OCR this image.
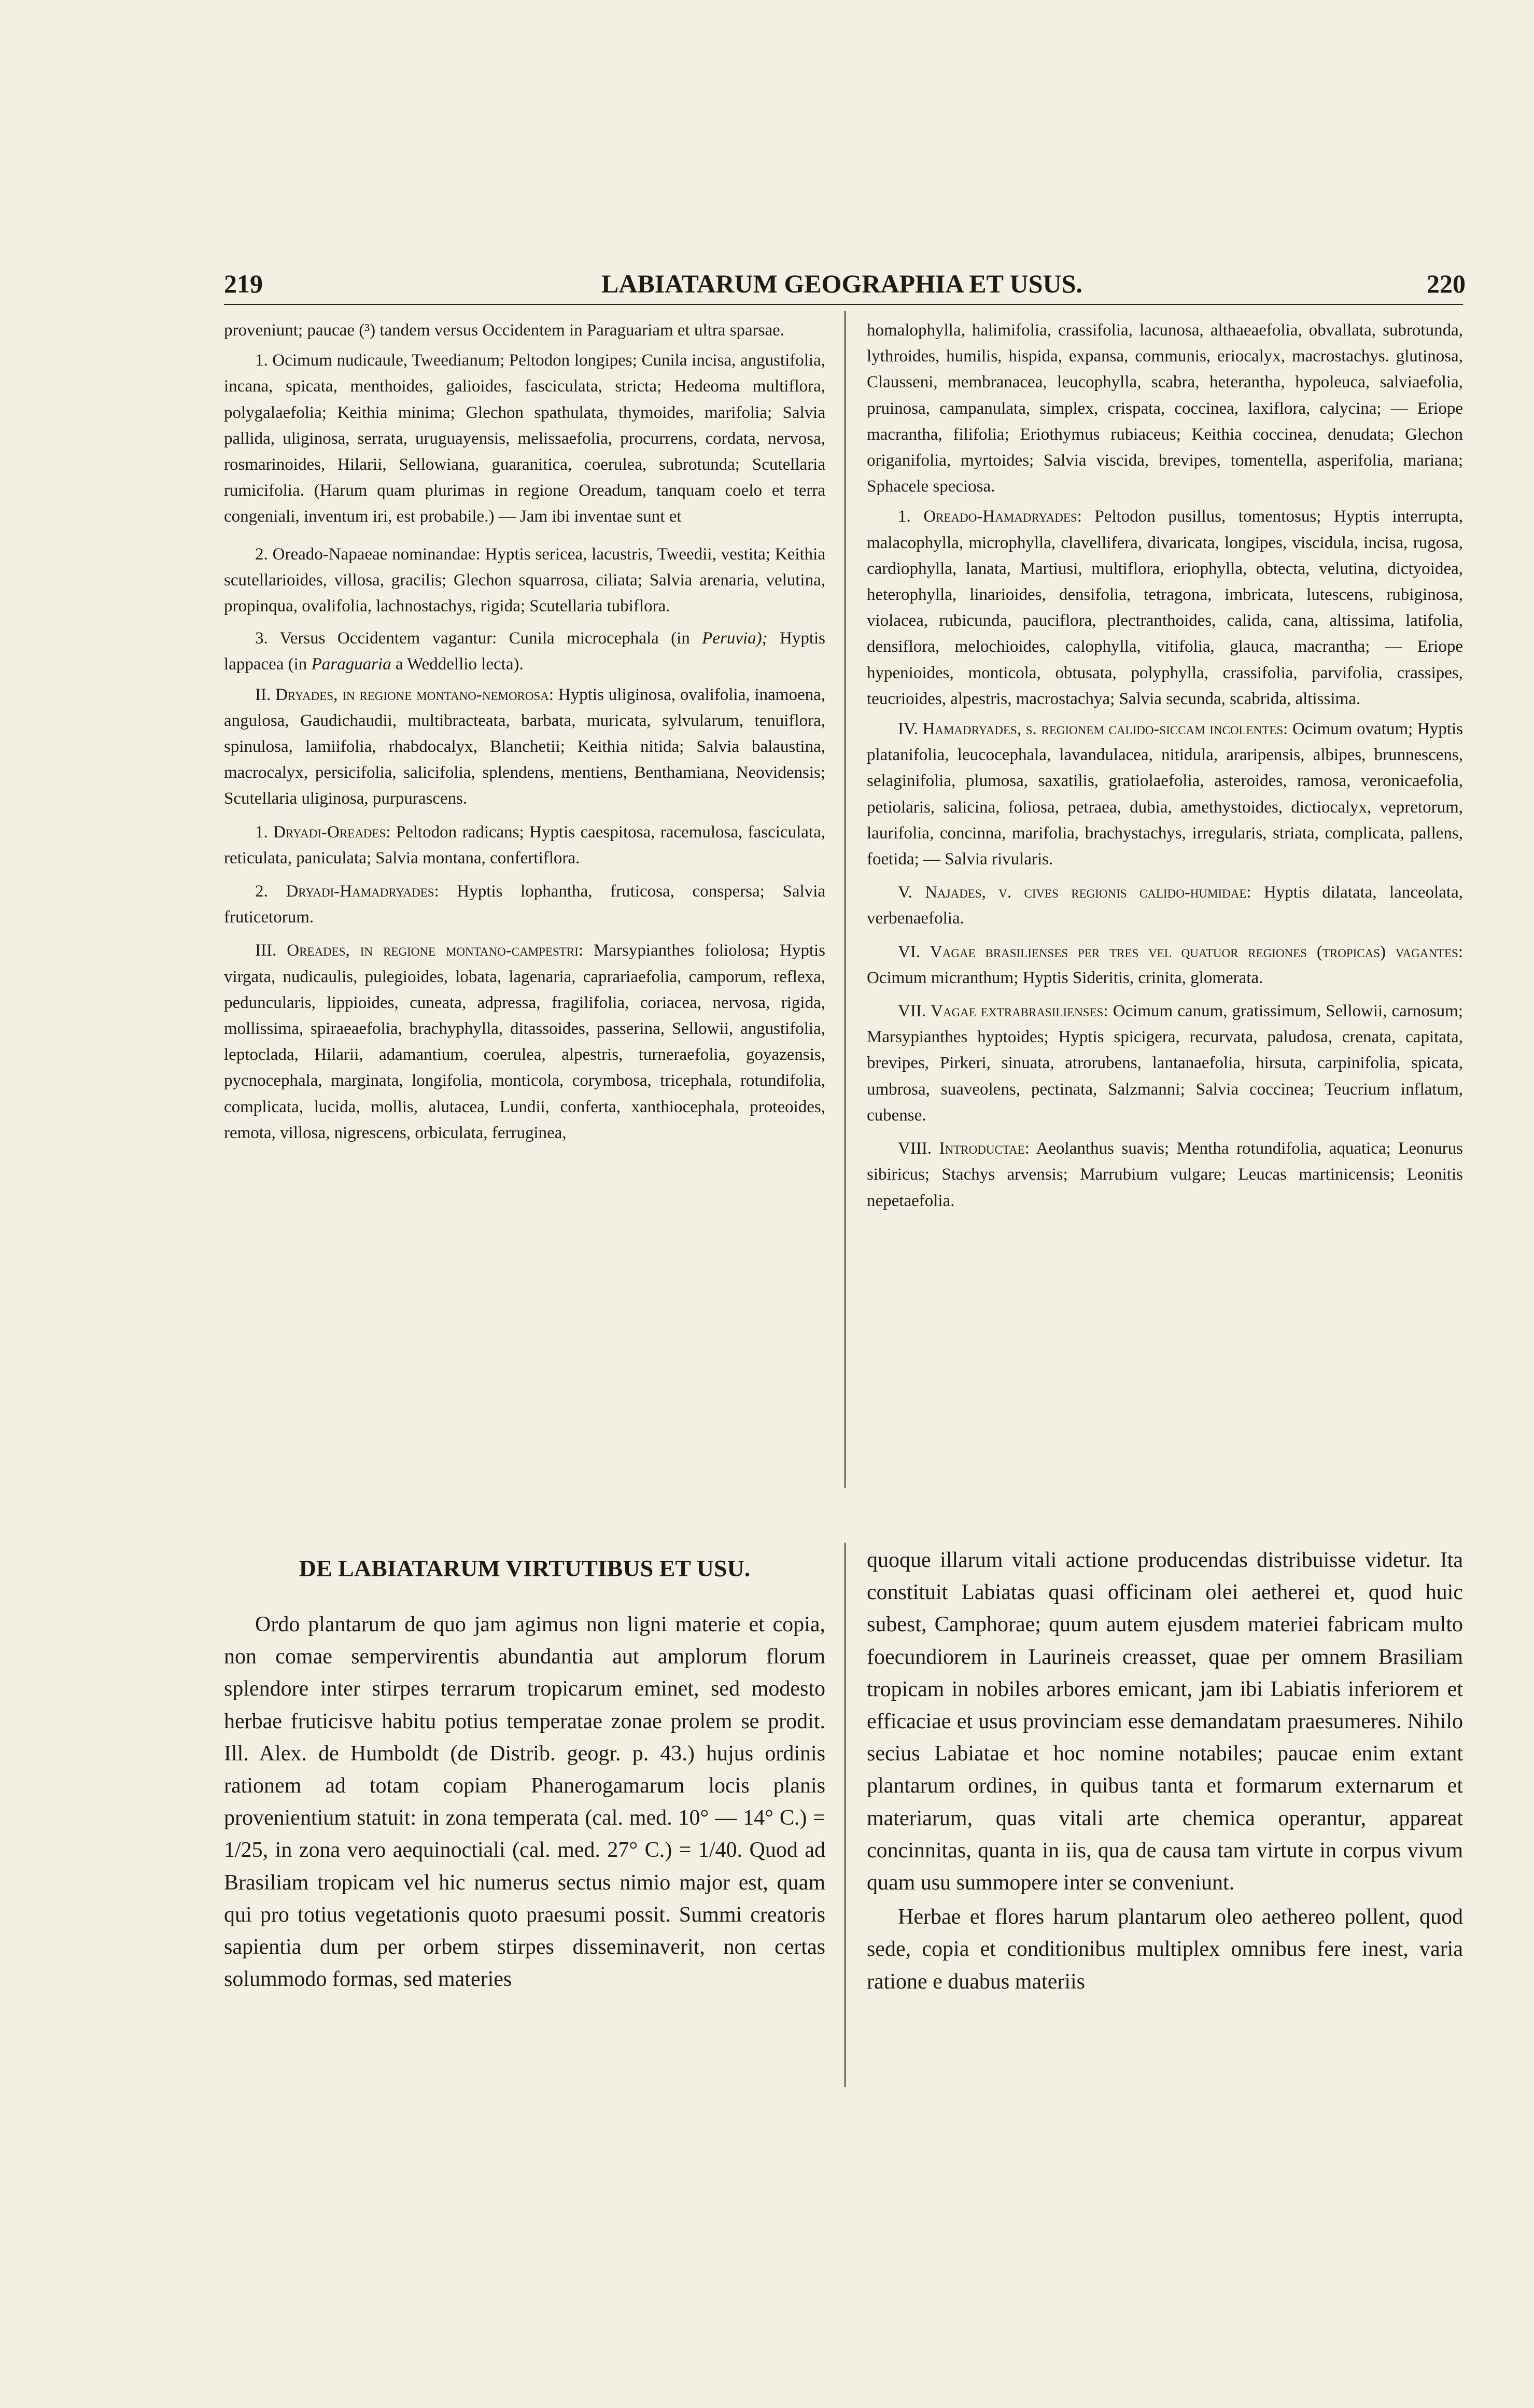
219	LABIATARUM GEOGRAPHIA ET USUS.	220

proveniunt; paucae (³) tandem versus Occidentem in Paraguariam et ultra sparsae.

1. Ocimum nudicaule, Tweedianum; Peltodon longipes; Cunila incisa, angustifolia, incana, spicata, menthoides, galioides, fasciculata, stricta; Hedeoma multiflora, polygalaefolia; Keithia minima; Glechon spathulata, thymoides, marifolia; Salvia pallida, uliginosa, serrata, uruguayensis, melissaefolia, procurrens, cordata, nervosa, rosmarinoides, Hilarii, Sellowiana, guaranitica, coerulea, subrotunda; Scutellaria rumicifolia. (Harum quam plurimas in regione Oreadum, tanquam coelo et terra congeniali, inventum iri, est probabile.) — Jam ibi inventae sunt et

2. Oreado-Napaeae nominandae: Hyptis sericea, lacustris, Tweedii, vestita; Keithia scutellarioides, villosa, gracilis; Glechon squarrosa, ciliata; Salvia arenaria, velutina, propinqua, ovalifolia, lachnostachys, rigida; Scutellaria tubiflora.

3. Versus Occidentem vagantur: Cunila microcephala (in Peruvia); Hyptis lappacea (in Paraguaria a Weddellio lecta).

II. Dryades, in regione montano-nemorosa: Hyptis uliginosa, ovalifolia, inamoena, angulosa, Gaudichaudii, multibracteata, barbata, muricata, sylvularum, tenuiflora, spinulosa, lamiifolia, rhabdocalyx, Blanchetii; Keithia nitida; Salvia balaustina, macrocalyx, persicifolia, salicifolia, splendens, mentiens, Benthamiana, Neovidensis; Scutellaria uliginosa, purpurascens.

1. Dryadi-Oreades: Peltodon radicans; Hyptis caespitosa, racemulosa, fasciculata, reticulata, paniculata; Salvia montana, confertiflora.

2. Dryadi-Hamadryades: Hyptis lophantha, fruticosa, conspersa; Salvia fruticetorum.

III. Oreades, in regione montano-campestri: Marsypianthes foliolosa; Hyptis virgata, nudicaulis, pulegioides, lobata, lagenaria, caprariaefolia, camporum, reflexa, peduncularis, lippioides, cuneata, adpressa, fragilifolia, coriacea, nervosa, rigida, mollissima, spiraeaefolia, brachyphylla, ditassoides, passerina, Sellowii, angustifolia, leptoclada, Hilarii, adamantium, coerulea, alpestris, turneraefolia, goyazensis, pycnocephala, marginata, longifolia, monticola, corymbosa, tricephala, rotundifolia, complicata, lucida, mollis, alutacea, Lundii, conferta, xanthiocephala, proteoides, remota, villosa, nigrescens, orbiculata, ferruginea,

homalophylla, halimifolia, crassifolia, lacunosa, althaeaefolia, obvallata, subrotunda, lythroides, humilis, hispida, expansa, communis, eriocalyx, macrostachys. glutinosa, Clausseni, membranacea, leucophylla, scabra, heterantha, hypoleuca, salviaefolia, pruinosa, campanulata, simplex, crispata, coccinea, laxiflora, calycina; — Eriope macrantha, filifolia; Eriothymus rubiaceus; Keithia coccinea, denudata; Glechon origanifolia, myrtoides; Salvia viscida, brevipes, tomentella, asperifolia, mariana; Sphacele speciosa.

1. Oreado-Hamadryades: Peltodon pusillus, tomentosus; Hyptis interrupta, malacophylla, microphylla, clavellifera, divaricata, longipes, viscidula, incisa, rugosa, cardiophylla, lanata, Martiusi, multiflora, eriophylla, obtecta, velutina, dictyoidea, heterophylla, linarioides, densifolia, tetragona, imbricata, lutescens, rubiginosa, violacea, rubicunda, pauciflora, plectranthoides, calida, cana, altissima, latifolia, densiflora, melochioides, calophylla, vitifolia, glauca, macrantha; — Eriope hypenioides, monticola, obtusata, polyphylla, crassifolia, parvifolia, crassipes, teucrioides, alpestris, macrostachya; Salvia secunda, scabrida, altissima.

IV. Hamadryades, s. regionem calido-siccam incolentes: Ocimum ovatum; Hyptis platanifolia, leucocephala, lavandulacea, nitidula, araripensis, albipes, brunnescens, selaginifolia, plumosa, saxatilis, gratiolaefolia, asteroides, ramosa, veronicaefolia, petiolaris, salicina, foliosa, petraea, dubia, amethystoides, dictiocalyx, vepretorum, laurifolia, concinna, marifolia, brachystachys, irregularis, striata, complicata, pallens, foetida; — Salvia rivularis.

V. Najades, v. cives regionis calido-humidae: Hyptis dilatata, lanceolata, verbenaefolia.

VI. Vagae brasilienses per tres vel quatuor regiones (tropicas) vagantes: Ocimum micranthum; Hyptis Sideritis, crinita, glomerata.

VII. Vagae extrabrasilienses: Ocimum canum, gratissimum, Sellowii, carnosum; Marsypianthes hyptoides; Hyptis spicigera, recurvata, paludosa, crenata, capitata, brevipes, Pirkeri, sinuata, atrorubens, lantanaefolia, hirsuta, carpinifolia, spicata, umbrosa, suaveolens, pectinata, Salzmanni; Salvia coccinea; Teucrium inflatum, cubense.

VIII. Introductae: Aeolanthus suavis; Mentha rotundifolia, aquatica; Leonurus sibiricus; Stachys arvensis; Marrubium vulgare; Leucas martinicensis; Leonitis nepetaefolia.

DE LABIATARUM VIRTUTIBUS ET USU.

Ordo plantarum de quo jam agimus non ligni materie et copia, non comae sempervirentis abundantia aut amplorum florum splendore inter stirpes terrarum tropicarum eminet, sed modesto herbae fruticisve habitu potius temperatae zonae prolem se prodit. Ill. Alex. de Humboldt (de Distrib. geogr. p. 43.) hujus ordinis rationem ad totam copiam Phanerogamarum locis planis provenientium statuit: in zona temperata (cal. med. 10° — 14° C.) = 1/25, in zona vero aequinoctiali (cal. med. 27° C.) = 1/40. Quod ad Brasiliam tropicam vel hic numerus sectus nimio major est, quam qui pro totius vegetationis quoto praesumi possit. Summi creatoris sapientia dum per orbem stirpes disseminaverit, non certas solummodo formas, sed materies

quoque illarum vitali actione producendas distribuisse videtur. Ita constituit Labiatas quasi officinam olei aetherei et, quod huic subest, Camphorae; quum autem ejusdem materiei fabricam multo foecundiorem in Laurineis creasset, quae per omnem Brasiliam tropicam in nobiles arbores emicant, jam ibi Labiatis inferiorem et efficaciae et usus provinciam esse demandatam praesumeres. Nihilo secius Labiatae et hoc nomine notabiles; paucae enim extant plantarum ordines, in quibus tanta et formarum externarum et materiarum, quas vitali arte chemica operantur, appareat concinnitas, quanta in iis, qua de causa tam virtute in corpus vivum quam usu summopere inter se conveniunt.

Herbae et flores harum plantarum oleo aethereo pollent, quod sede, copia et conditionibus multiplex omnibus fere inest, varia ratione e duabus materiis
